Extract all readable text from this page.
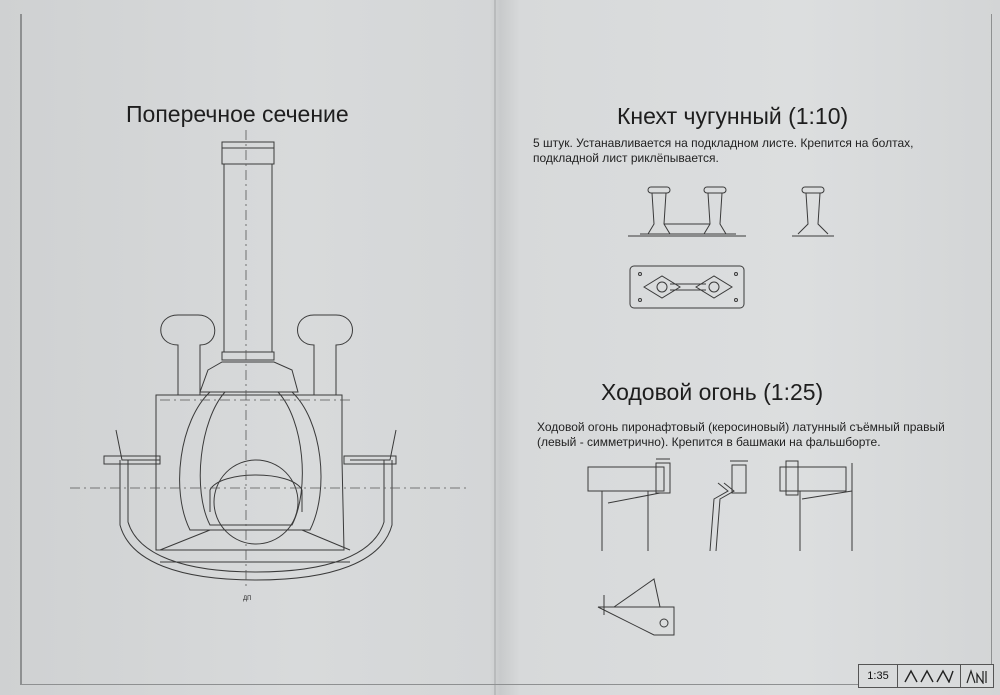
Поперечное сечение
ДП
Кнехт чугунный (1:10)
5 штук. Устанавливается на подкладном листе. Крепится на болтах, подкладной лист риклёпывается.
Ходовой огонь (1:25)
Ходовой огонь пиронафтовый (керосиновый) латунный съёмный правый (левый - симметрично). Крепится в башмаки на фальшборте.
1:35
